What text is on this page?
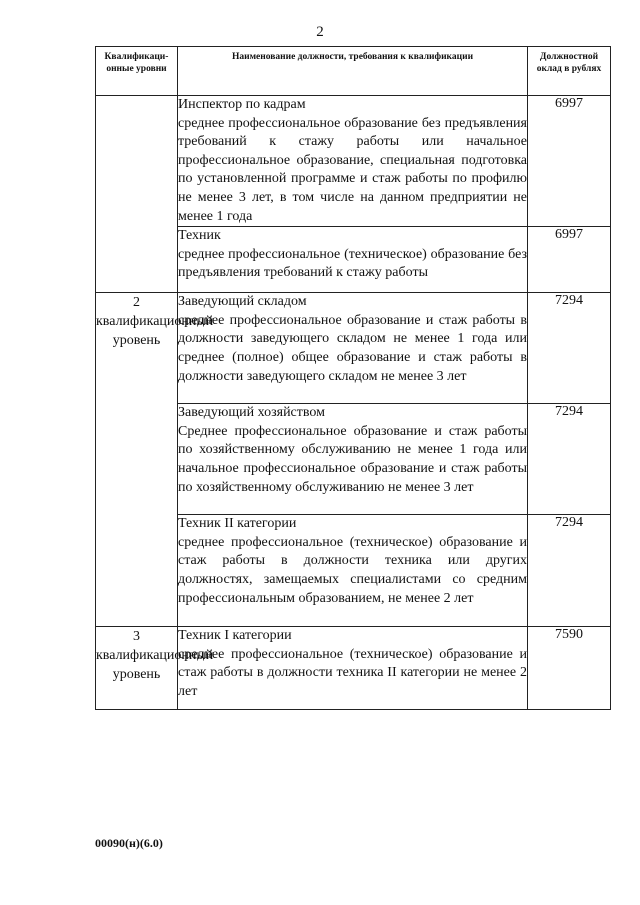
2
Квалификаци-онные уровни	Наименование должности, требования к квалификации	Должностной оклад в рублях

	Инспектор по кадрам
среднее профессиональное образование без предъявления требований к стажу работы или начальное профессиональное образование, специальная подготовка по установленной программе и стаж работы по профилю не менее 3 лет, в том числе на данном предприятии не менее 1 года	6997

	Техник
среднее профессиональное (техническое) образование без предъявления требований к стажу работы	6997
2 квалификационный уровень	Заведующий складом
среднее профессиональное образование и стаж работы в должности заведующего складом не менее 1 года или среднее (полное) общее образование и стаж работы в должности заведующего складом не менее 3 лет	7294

	Заведующий хозяйством
Среднее профессиональное образование и стаж работы по хозяйственному обслуживанию не менее 1 года или начальное профессиональное образование и стаж работы по хозяйственному обслуживанию не менее 3 лет	7294

	Техник II категории
среднее профессиональное (техническое) образование и стаж работы в должности техника или других должностях, замещаемых специалистами со средним профессиональным образованием, не менее 2 лет	7294
3 квалификационный уровень	Техник I категории
среднее профессиональное (техническое) образование и стаж работы в должности техника II категории не менее 2 лет	7590
00090(н)(6.0)
